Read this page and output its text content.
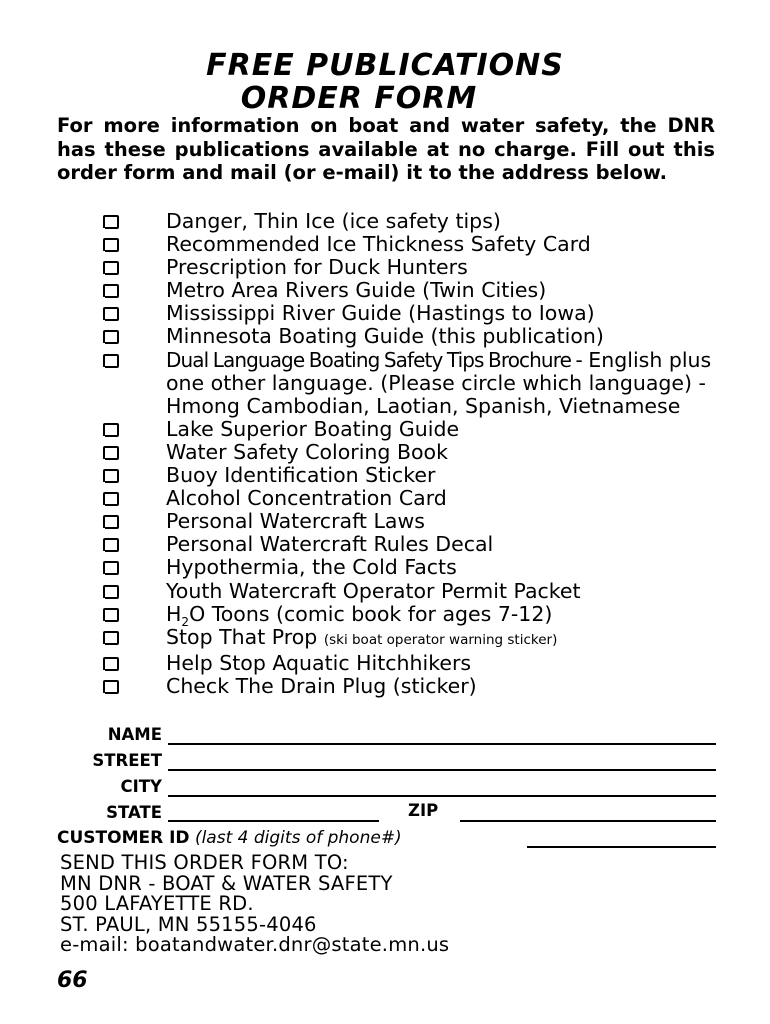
FREE PUBLICATIONS
ORDER FORM

For more information on boat and water safety, the DNR has these publications available at no charge. Fill out this order form and mail (or e-mail) it to the address below.

Danger, Thin Ice (ice safety tips)
Recommended Ice Thickness Safety Card
Prescription for Duck Hunters
Metro Area Rivers Guide (Twin Cities)
Mississippi River Guide (Hastings to Iowa)
Minnesota Boating Guide (this publication)
Dual Language Boating Safety Tips Brochure - English plus one other language. (Please circle which language) - Hmong Cambodian, Laotian, Spanish, Vietnamese
Lake Superior Boating Guide
Water Safety Coloring Book
Buoy Identification Sticker
Alcohol Concentration Card
Personal Watercraft Laws
Personal Watercraft Rules Decal
Hypothermia, the Cold Facts
Youth Watercraft Operator Permit Packet
$H_2O$ Toons (comic book for ages 7-12)
Stop That Prop (ski boat operator warning sticker)
Help Stop Aquatic Hitchhikers
Check The Drain Plug (sticker)
NAME
STREET
CITY
STATE	ZIP
CUSTOMER ID (last 4 digits of phone#)
SEND THIS ORDER FORM TO:
MN DNR - BOAT & WATER SAFETY
500 LAFAYETTE RD.
ST. PAUL, MN 55155-4046
e-mail: boatandwater.dnr@state.mn.us
66
